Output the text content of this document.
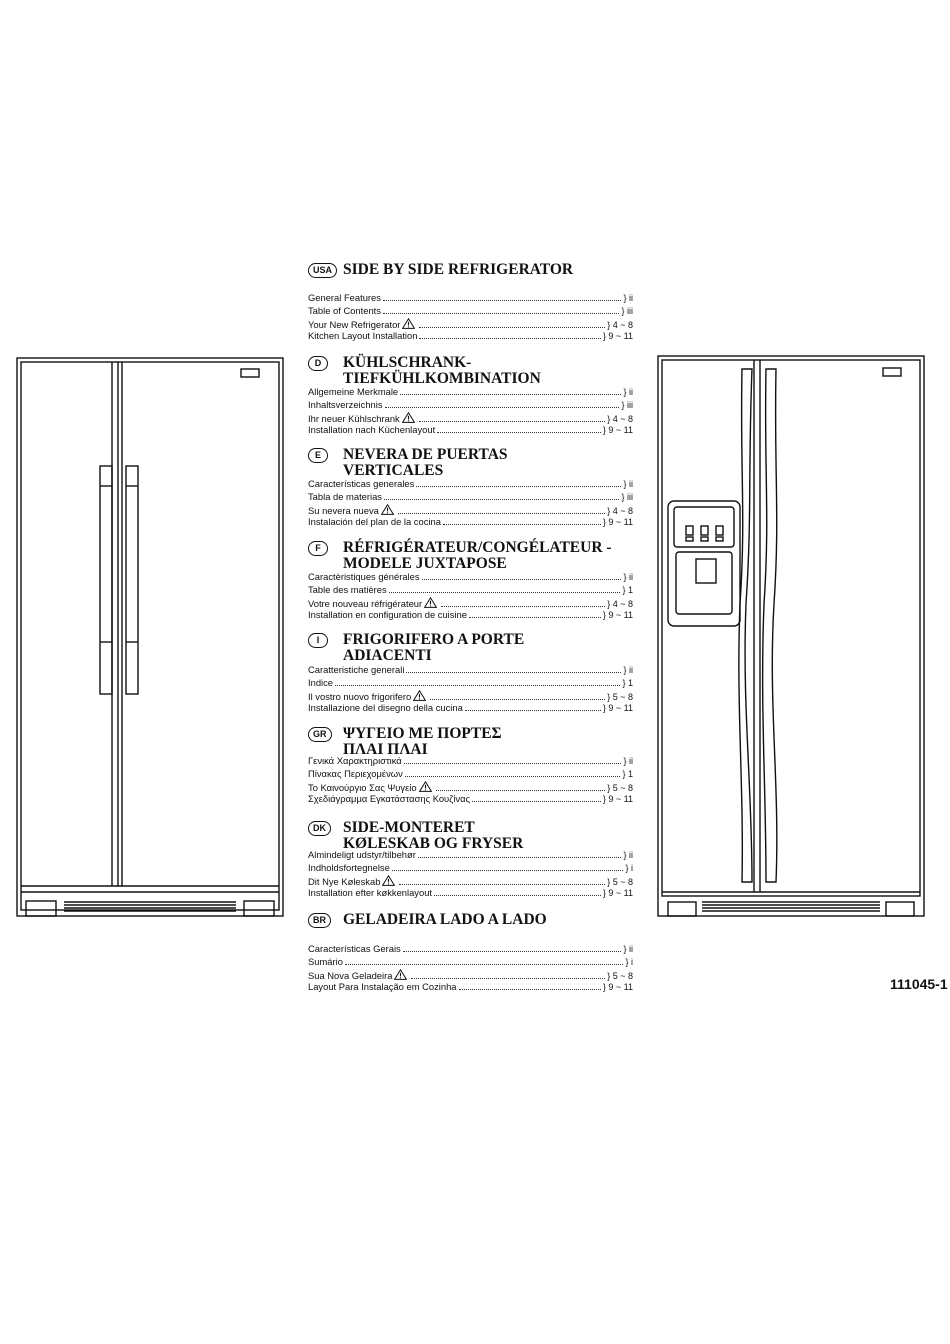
USA SIDE BY SIDE REFRIGERATOR
General Features	} ii
Table of Contents	} iii
Your New Refrigerator	} 4 ~ 8
Kitchen Layout Installation	} 9 ~ 11
D	KÜHLSCHRANK-
TIEFKÜHLKOMBINATION
Allgemeine Merkmale	} ii
Inhaltsverzeichnis	} iii
Ihr neuer Kühlschrank	} 4 ~ 8
Installation nach Küchenlayout	} 9 ~ 11
E	NEVERA DE PUERTAS
VERTICALES
Características generales	} ii
Tabla de materias	} iii
Su nevera nueva	} 4 ~ 8
Instalación del plan de la cocina	} 9 ~ 11
F	RÉFRIGÉRATEUR/CONGÉLATEUR -
MODELE JUXTAPOSE
Caractèristiques générales	} ii
Table des matières	} 1
Votre nouveau réfrigérateur	} 4 ~ 8
Installation en configuration de cuisine	} 9 ~ 11
I	FRIGORIFERO A PORTE
ADIACENTI
Caratteristiche generali	} ii
Indice	} 1
Il vostro nuovo frigorifero	} 5 ~ 8
Installazione del disegno della cucina	} 9 ~ 11
GR	ΨΥΓΕΙΟ ΜΕ ΠΟΡΤΕΣ
ΠΛΑΙ ΠΛΑΙ
Γενικά Χαρακτηριστικά	} ii
Πίνακας Περιεχομένων	} 1
Το Καινούργιο Σας Ψυγείο	} 5 ~ 8
Σχεδιάγραμμα Εγκατάστασης Κουζίνας	} 9 ~ 11
DK	SIDE-MONTERET
KØLESKAB OG FRYSER
Almindeligt udstyr/tilbehør	} ii
Indholdsfortegnelse	} i
Dit Nye Køleskab	} 5 ~ 8
Installation efter køkkenlayout	} 9 ~ 11
BR	GELADEIRA LADO A LADO
Características Gerais	} ii
Sumário	} i
Sua Nova Geladeira	} 5 ~ 8
Layout Para Instalação em Cozinha	} 9 ~ 11	111045-1
